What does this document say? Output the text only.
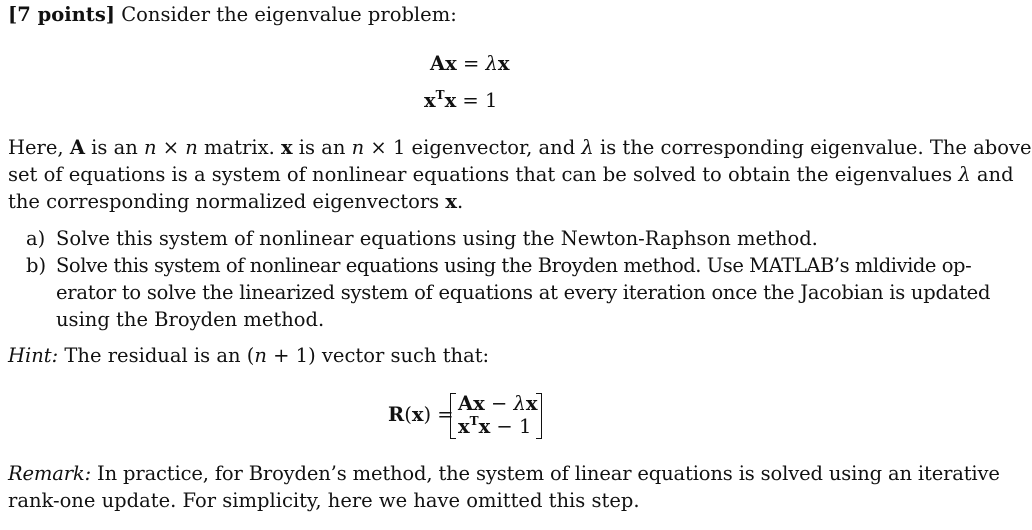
[7 points] Consider the eigenvalue problem:
Ax = λx
$x^Tx = 1$
Here, A is an n × n matrix. x is an n × 1 eigenvector, and λ is the corresponding eigenvalue. The above
set of equations is a system of nonlinear equations that can be solved to obtain the eigenvalues λ and
the corresponding normalized eigenvectors x.
a) Solve this system of nonlinear equations using the Newton-Raphson method.
b) Solve this system of nonlinear equations using the Broyden method. Use MATLAB’s mldivide op-
erator to solve the linearized system of equations at every iteration once the Jacobian is updated
using the Broyden method.
Hint: The residual is an (n + 1) vector such that:
R(x) = Ax − λx
$x^Tx - 1$
Remark: In practice, for Broyden’s method, the system of linear equations is solved using an iterative
rank-one update. For simplicity, here we have omitted this step.
